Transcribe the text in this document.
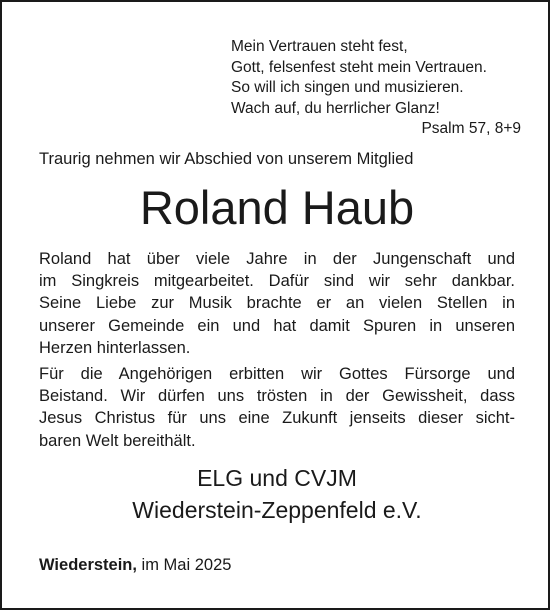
Mein Vertrauen steht fest,
Gott, felsenfest steht mein Vertrauen.
So will ich singen und musizieren.
Wach auf, du herrlicher Glanz!
Psalm 57, 8+9
Traurig nehmen wir Abschied von unserem Mitglied
Roland Haub
Roland hat über viele Jahre in der Jungenschaft und
im Singkreis mitgearbeitet. Dafür sind wir sehr dankbar.
Seine Liebe zur Musik brachte er an vielen Stellen in
unserer Gemeinde ein und hat damit Spuren in unseren
Herzen hinterlassen.
Für die Angehörigen erbitten wir Gottes Fürsorge und
Beistand. Wir dürfen uns trösten in der Gewissheit, dass
Jesus Christus für uns eine Zukunft jenseits dieser sicht-
baren Welt bereithält.
ELG und CVJM
Wiederstein-Zeppenfeld e.V.
Wiederstein, im Mai 2025
